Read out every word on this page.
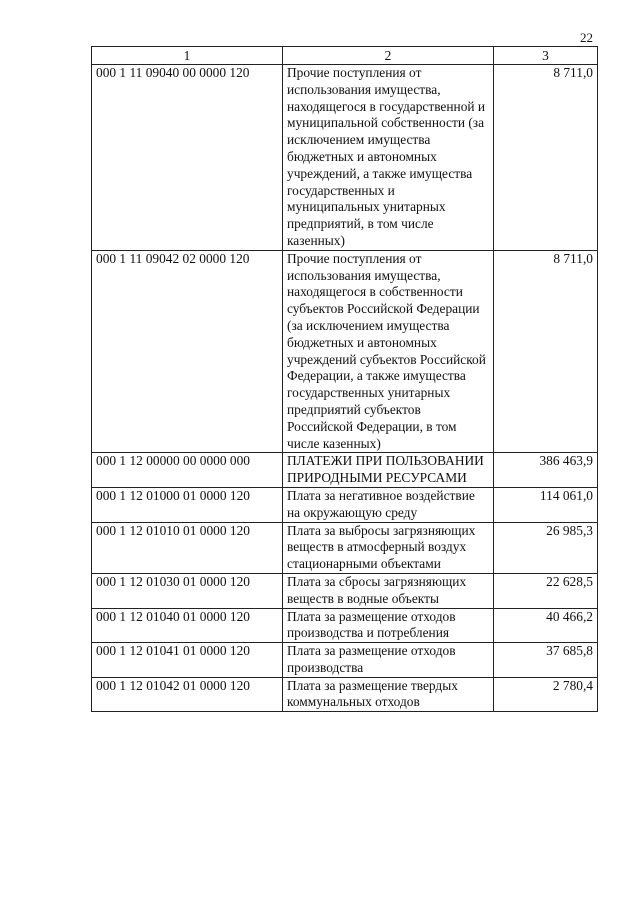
22
1	2	3
000 1 11 09040 00 0000 120	Прочие поступления от использования имущества, находящегося в государственной и муниципальной собственности (за исключением имущества бюджетных и автономных учреждений, а также имущества государственных и муниципальных унитарных предприятий, в том числе казенных)	8 711,0
000 1 11 09042 02 0000 120	Прочие поступления от использования имущества, находящегося в собственности субъектов Российской Федерации (за исключением имущества бюджетных и автономных учреждений субъектов Российской Федерации, а также имущества государственных унитарных предприятий субъектов Российской Федерации, в том числе казенных)	8 711,0
000 1 12 00000 00 0000 000	ПЛАТЕЖИ ПРИ ПОЛЬЗОВАНИИ ПРИРОДНЫМИ РЕСУРСАМИ	386 463,9
000 1 12 01000 01 0000 120	Плата за негативное воздействие на окружающую среду	114 061,0
000 1 12 01010 01 0000 120	Плата за выбросы загрязняющих веществ в атмосферный воздух стационарными объектами	26 985,3
000 1 12 01030 01 0000 120	Плата за сбросы загрязняющих веществ в водные объекты	22 628,5
000 1 12 01040 01 0000 120	Плата за размещение отходов производства и потребления	40 466,2
000 1 12 01041 01 0000 120	Плата за размещение отходов производства	37 685,8
000 1 12 01042 01 0000 120	Плата за размещение твердых коммунальных отходов	2 780,4
